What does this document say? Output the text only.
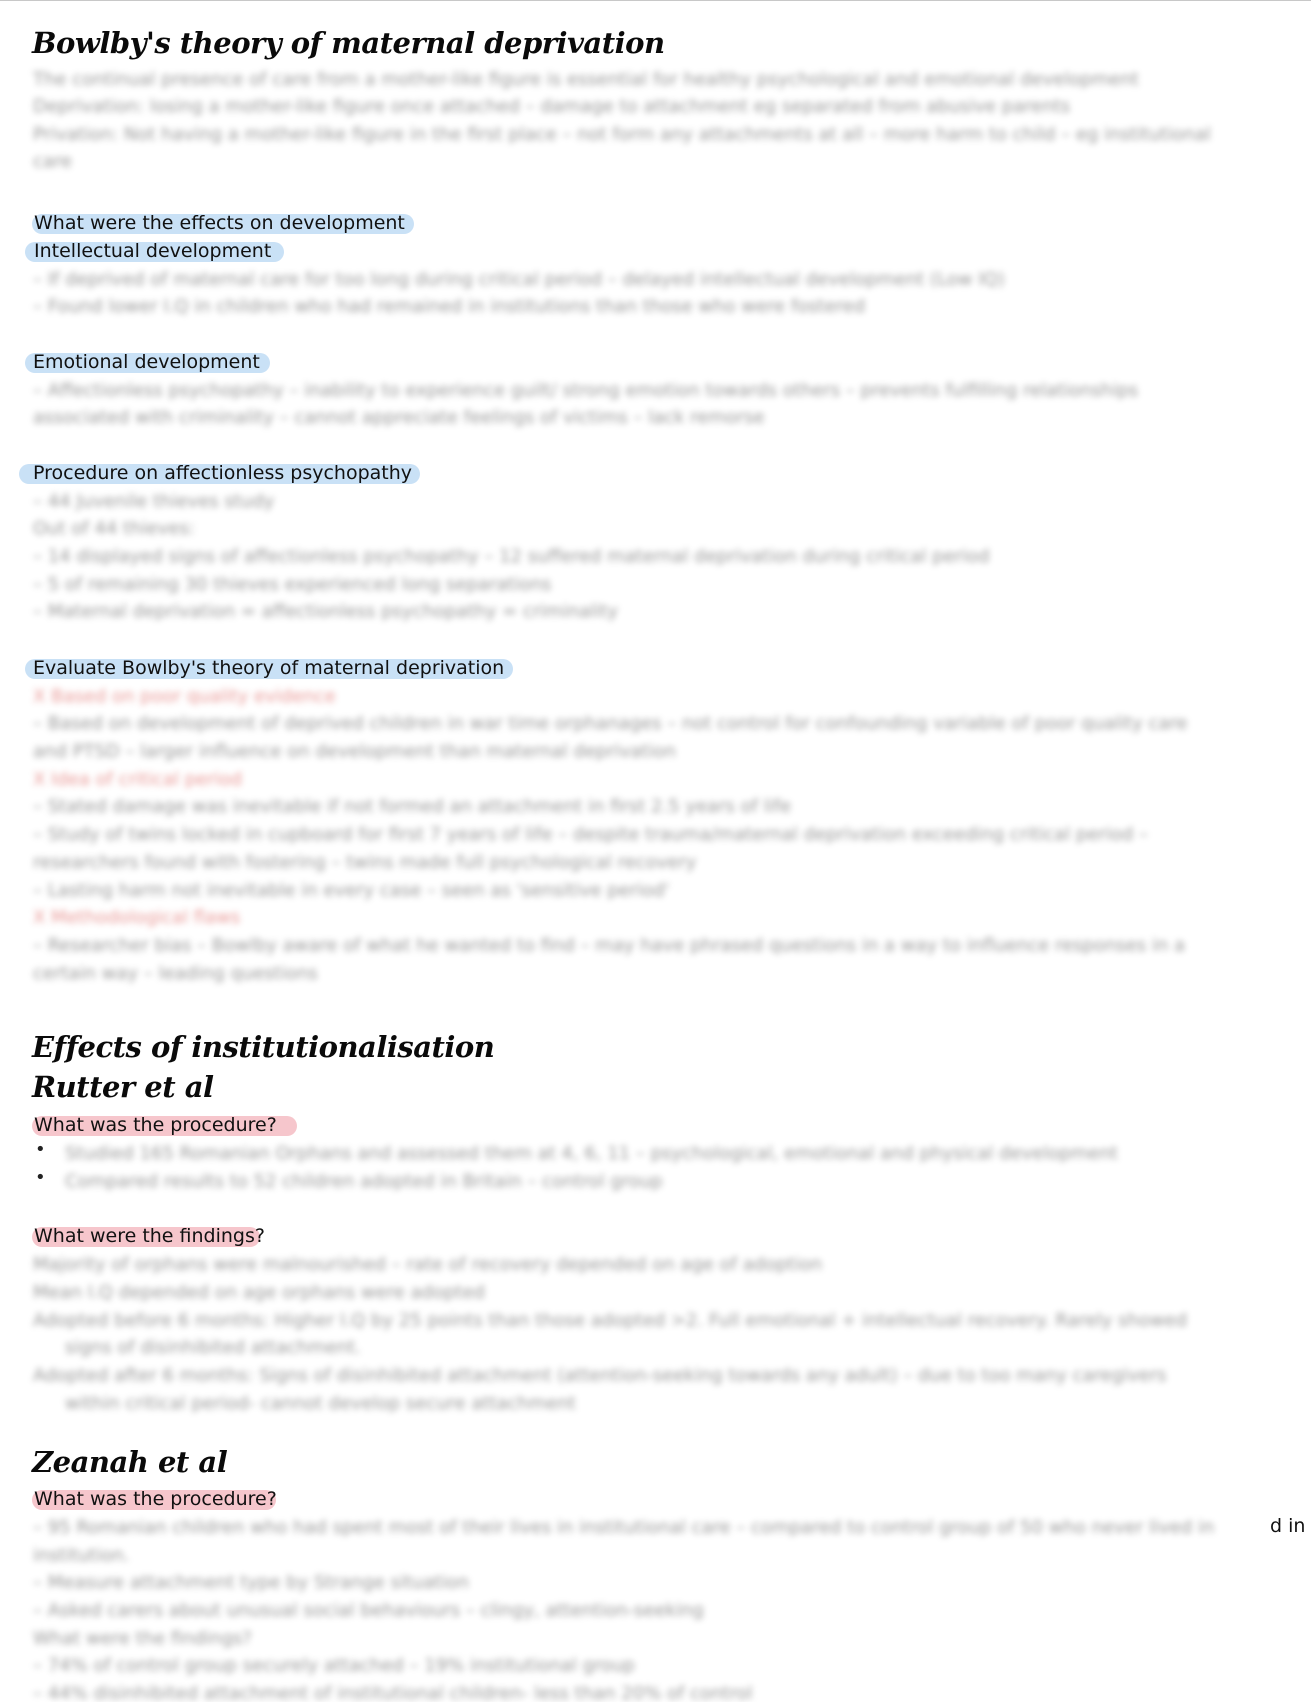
Bowlby's theory of maternal deprivation
The continual presence of care from a mother-like figure is essential for healthy psychological and emotional development
Deprivation: losing a mother-like figure once attached – damage to attachment eg separated from abusive parents
Privation: Not having a mother-like figure in the first place – not form any attachments at all – more harm to child – eg institutional
care
What were the effects on development
Intellectual development
– If deprived of maternal care for too long during critical period – delayed intellectual development (Low IQ)
– Found lower I.Q in children who had remained in institutions than those who were fostered
Emotional development
– Affectionless psychopathy – inability to experience guilt/ strong emotion towards others – prevents fulfilling relationships
associated with criminality – cannot appreciate feelings of victims – lack remorse
Procedure on affectionless psychopathy
– 44 Juvenile thieves study
Out of 44 thieves:
– 14 displayed signs of affectionless psychopathy – 12 suffered maternal deprivation during critical period
– 5 of remaining 30 thieves experienced long separations
– Maternal deprivation = affectionless psychopathy = criminality
Evaluate Bowlby's theory of maternal deprivation
X Based on poor quality evidence
– Based on development of deprived children in war time orphanages – not control for confounding variable of poor quality care
and PTSD – larger influence on development than maternal deprivation
X Idea of critical period
– Stated damage was inevitable if not formed an attachment in first 2.5 years of life
– Study of twins locked in cupboard for first 7 years of life – despite trauma/maternal deprivation exceeding critical period –
researchers found with fostering – twins made full psychological recovery
– Lasting harm not inevitable in every case – seen as 'sensitive period'
X Methodological flaws
– Researcher bias – Bowlby aware of what he wanted to find – may have phrased questions in a way to influence responses in a
certain way – leading questions
Effects of institutionalisation
Rutter et al
What was the procedure?
• Studied 165 Romanian Orphans and assessed them at 4, 6, 11 – psychological, emotional and physical development
• Compared results to 52 children adopted in Britain – control group
What were the findings?
Majority of orphans were malnourished – rate of recovery depended on age of adoption
Mean I.Q depended on age orphans were adopted
Adopted before 6 months: Higher I.Q by 25 points than those adopted >2. Full emotional + intellectual recovery. Rarely showed
signs of disinhibited attachment.
Adopted after 6 months: Signs of disinhibited attachment (attention-seeking towards any adult) – due to too many caregivers
within critical period- cannot develop secure attachment
Zeanah et al
What was the procedure?
– 95 Romanian children who had spent most of their lives in institutional care – compared to control group of 50 who never lived in	d in
institution.
– Measure attachment type by Strange situation
– Asked carers about unusual social behaviours – clingy, attention-seeking
What were the findings?
– 74% of control group securely attached – 19% institutional group
– 44% disinhibited attachment of institutional children- less than 20% of control
